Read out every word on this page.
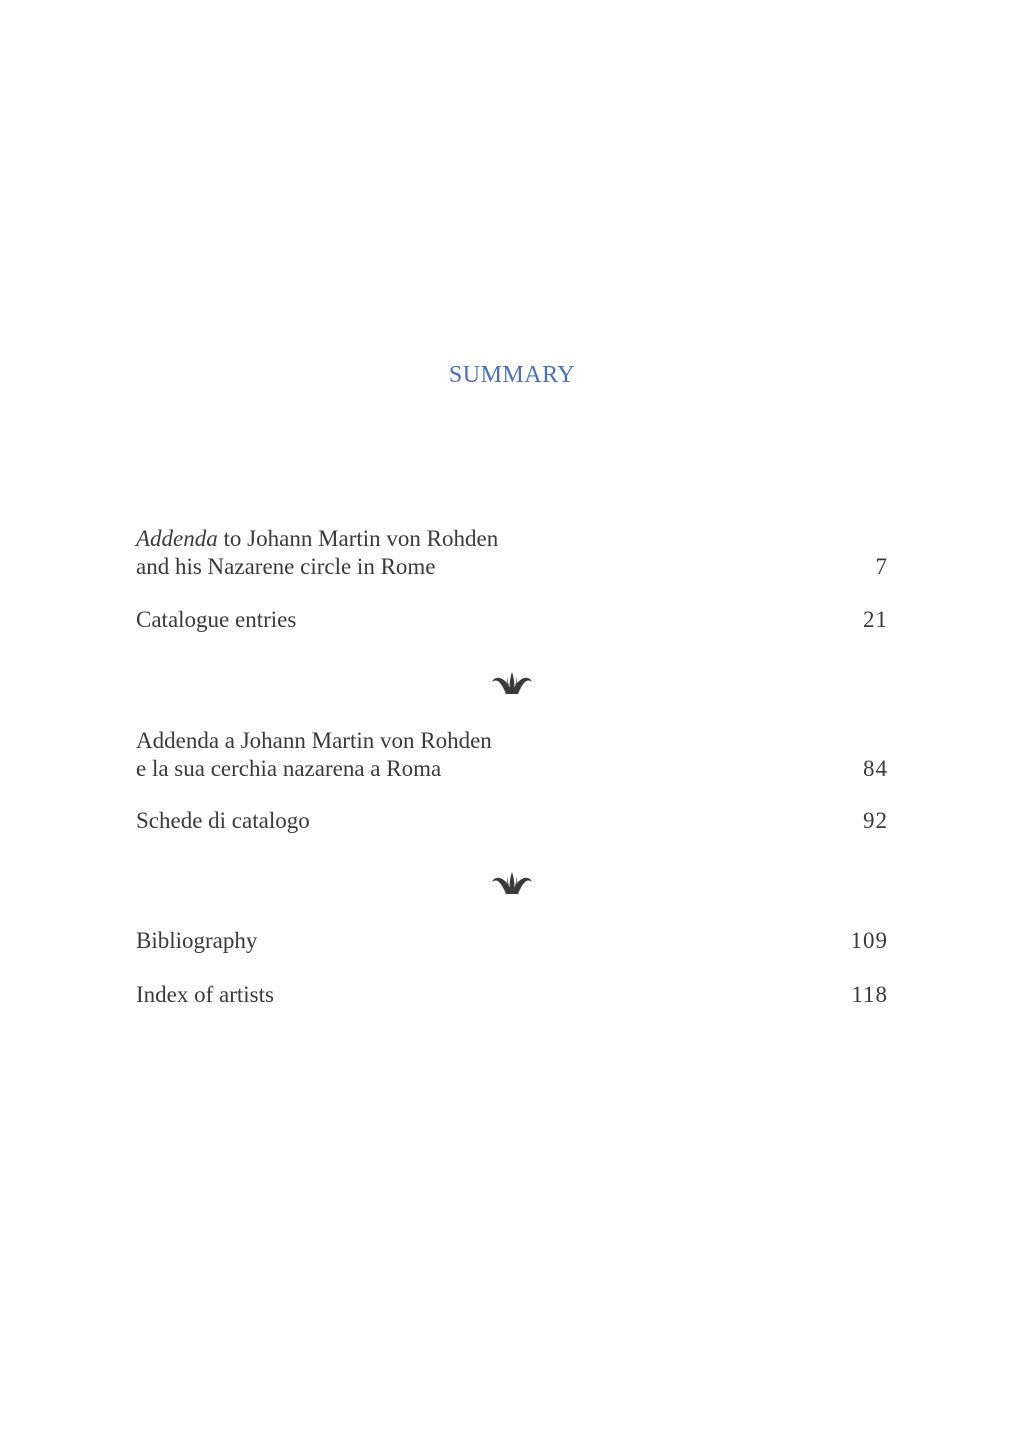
SUMMARY
Addenda to Johann Martin von Rohden
and his Nazarene circle in Rome	7
Catalogue entries	21
Addenda a Johann Martin von Rohden
e la sua cerchia nazarena a Roma	84
Schede di catalogo	92
Bibliography	109
Index of artists	118
